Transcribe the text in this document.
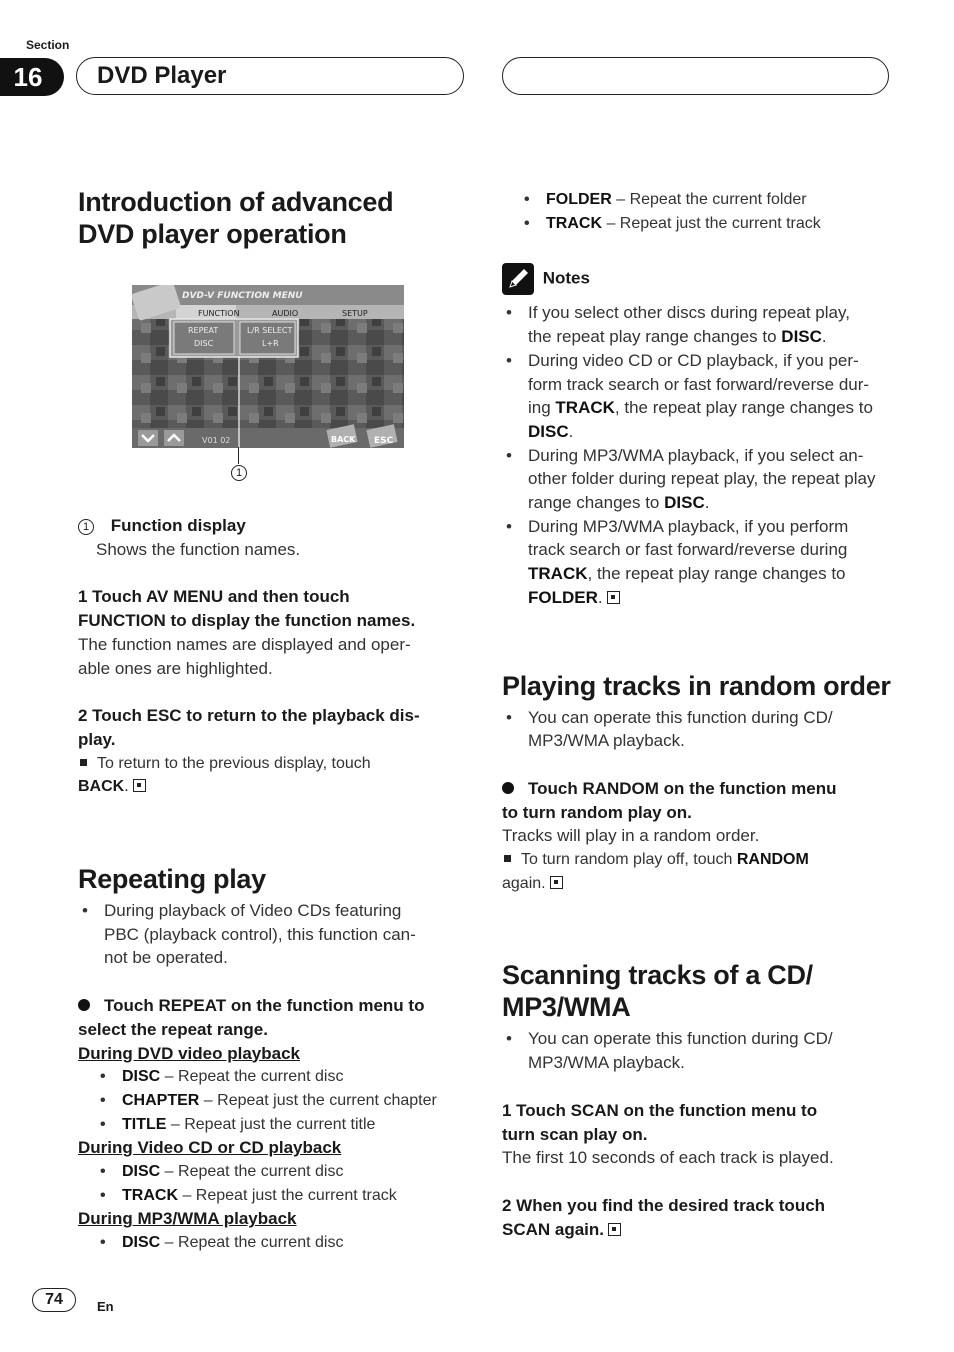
Section
16	DVD Player
Introduction of advanced DVD player operation
DVD-V FUNCTION MENU
FUNCTION	AUDIO	SETUP
REPEAT
DISC
L/R SELECT
L+R
V01 02	BACK ESC
1

1 Function display

Shows the function names.

1 Touch AV MENU and then touch

FUNCTION to display the function names.

The function names are displayed and oper-

able ones are highlighted.

2 Touch ESC to return to the playback dis-

play.

To return to the previous display, touch

BACK.

Repeating play
• During playback of Video CDs featuring
PBC (playback control), this function can-
not be operated.

Touch REPEAT on the function menu to

select the repeat range.

During DVD video playback

• DISC – Repeat the current disc
• CHAPTER – Repeat just the current chapter
• TITLE – Repeat just the current title

During Video CD or CD playback

• DISC – Repeat the current disc
• TRACK – Repeat just the current track

During MP3/WMA playback

• DISC – Repeat the current disc
• FOLDER – Repeat the current folder
• TRACK – Repeat just the current track

Notes

• If you select other discs during repeat play,
the repeat play range changes to DISC.
• During video CD or CD playback, if you per-
form track search or fast forward/reverse dur-
ing TRACK, the repeat play range changes to
DISC.
• During MP3/WMA playback, if you select an-
other folder during repeat play, the repeat play
range changes to DISC.
• During MP3/WMA playback, if you perform
track search or fast forward/reverse during
TRACK, the repeat play range changes to
FOLDER.
Playing tracks in random order
• You can operate this function during CD/
MP3/WMA playback.

Touch RANDOM on the function menu

to turn random play on.

Tracks will play in a random order.

To turn random play off, touch RANDOM

again.

Scanning tracks of a CD/
MP3/WMA
• You can operate this function during CD/
MP3/WMA playback.

1 Touch SCAN on the function menu to

turn scan play on.

The first 10 seconds of each track is played.

2 When you find the desired track touch

SCAN again.

74	En
